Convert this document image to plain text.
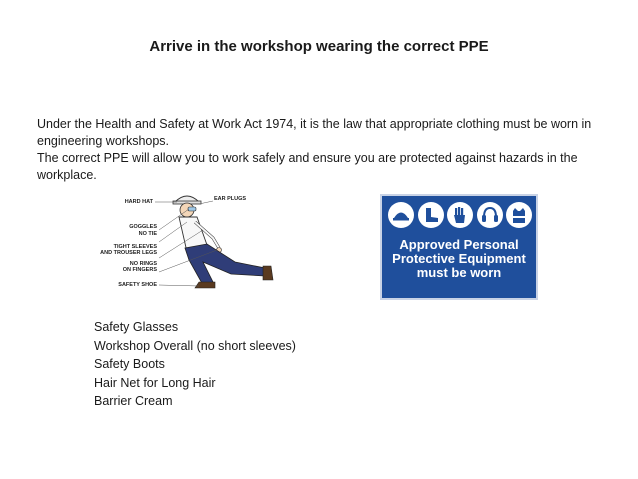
Arrive in the workshop wearing the correct PPE
Under the Health and Safety at Work Act 1974, it is the law that appropriate clothing must be worn in engineering workshops.
The correct PPE will allow you to work safely and ensure you are protected against hazards in the workplace.
HARD HAT	EAR PLUGS
GOGGLES
NO TIE
TIGHT SLEEVES
AND TROUSER LEGS
NO RINGS
ON FINGERS
SAFETY SHOE
Approved Personal
Protective Equipment
must be worn
Safety Glasses
Workshop Overall (no short sleeves)
Safety Boots
Hair Net for Long Hair
Barrier Cream
